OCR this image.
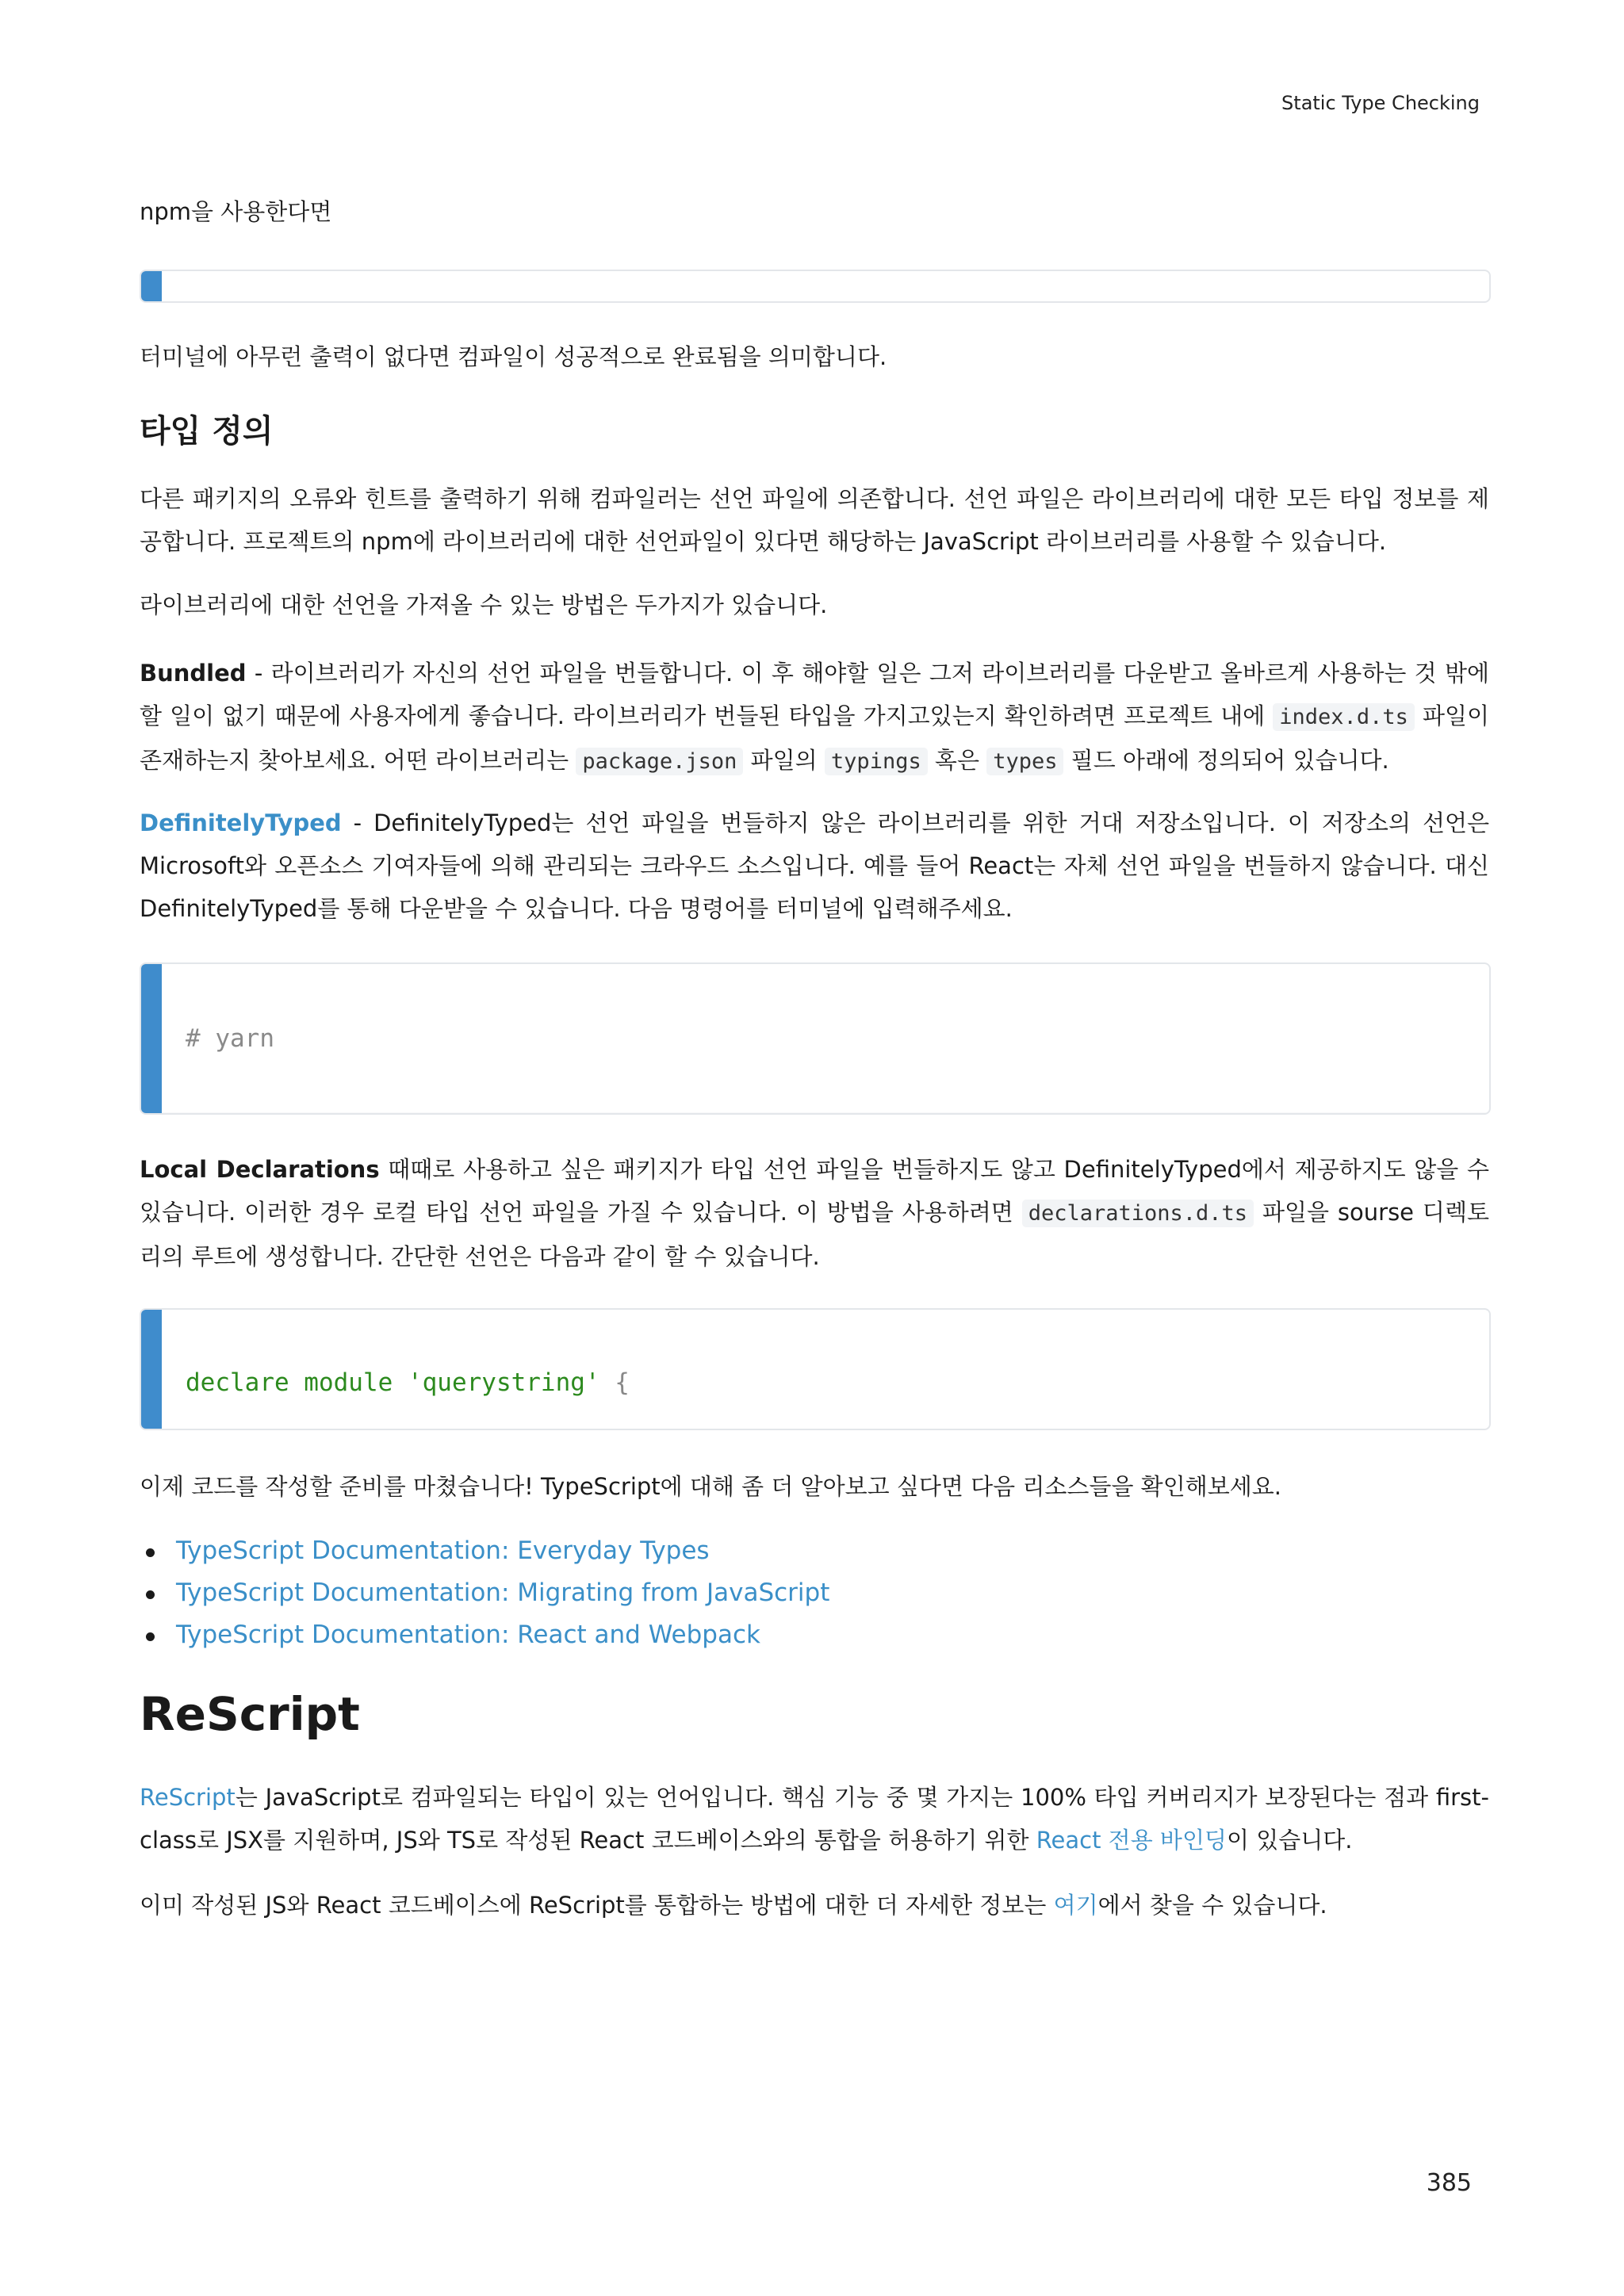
Static Type Checking

npm을 사용한다면

터미널에 아무런 출력이 없다면 컴파일이 성공적으로 완료됨을 의미합니다.

타입 정의

다른 패키지의 오류와 힌트를 출력하기 위해 컴파일러는 선언 파일에 의존합니다. 선언 파일은 라이브러리에 대한 모든 타입 정보를 제공합니다. 프로젝트의 npm에 라이브러리에 대한 선언파일이 있다면 해당하는 JavaScript 라이브러리를 사용할 수 있습니다.

라이브러리에 대한 선언을 가져올 수 있는 방법은 두가지가 있습니다.

Bundled - 라이브러리가 자신의 선언 파일을 번들합니다. 이 후 해야할 일은 그저 라이브러리를 다운받고 올바르게 사용하는 것 밖에 할 일이 없기 때문에 사용자에게 좋습니다. 라이브러리가 번들된 타입을 가지고있는지 확인하려면 프로젝트 내에 index.d.ts 파일이 존재하는지 찾아보세요. 어떤 라이브러리는 package.json 파일의 typings 혹은 types 필드 아래에 정의되어 있습니다.

DefinitelyTyped - DefinitelyTyped는 선언 파일을 번들하지 않은 라이브러리를 위한 거대 저장소입니다. 이 저장소의 선언은 Microsoft와 오픈소스 기여자들에 의해 관리되는 크라우드 소스입니다. 예를 들어 React는 자체 선언 파일을 번들하지 않습니다. 대신 DefinitelyTyped를 통해 다운받을 수 있습니다. 다음 명령어를 터미널에 입력해주세요.

# yarn

Local Declarations 때때로 사용하고 싶은 패키지가 타입 선언 파일을 번들하지도 않고 DefinitelyTyped에서 제공하지도 않을 수 있습니다. 이러한 경우 로컬 타입 선언 파일을 가질 수 있습니다. 이 방법을 사용하려면 declarations.d.ts 파일을 sourse 디렉토리의 루트에 생성합니다. 간단한 선언은 다음과 같이 할 수 있습니다.

declare module 'querystring' {

이제 코드를 작성할 준비를 마쳤습니다! TypeScript에 대해 좀 더 알아보고 싶다면 다음 리소스들을 확인해보세요.

TypeScript Documentation: Everyday Types
TypeScript Documentation: Migrating from JavaScript
TypeScript Documentation: React and Webpack
ReScript

ReScript는 JavaScript로 컴파일되는 타입이 있는 언어입니다. 핵심 기능 중 몇 가지는 100% 타입 커버리지가 보장된다는 점과 first-class로 JSX를 지원하며, JS와 TS로 작성된 React 코드베이스와의 통합을 허용하기 위한 React 전용 바인딩이 있습니다.

이미 작성된 JS와 React 코드베이스에 ReScript를 통합하는 방법에 대한 더 자세한 정보는 여기에서 찾을 수 있습니다.

385
